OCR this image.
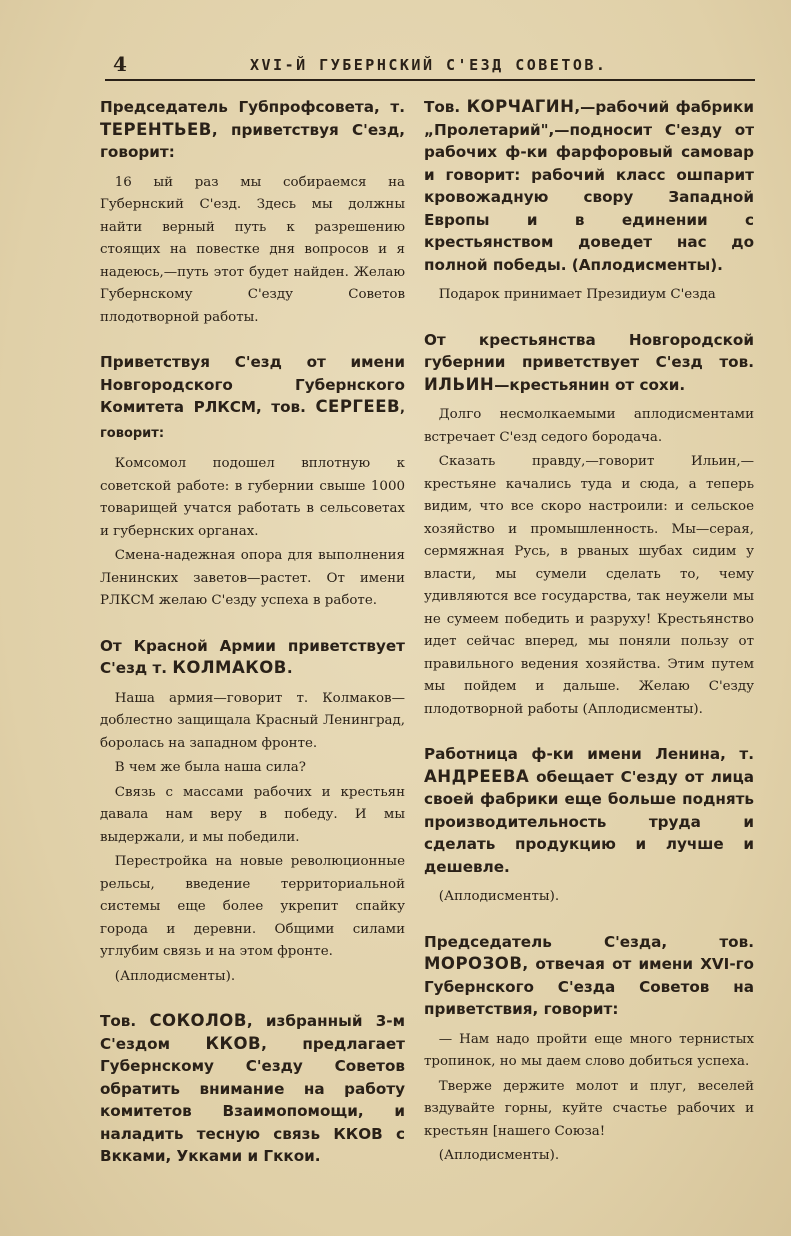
4	XVI-Й ГУБЕРНСКИЙ С'ЕЗД СОВЕТОВ.
Председатель Губпрофсовета, т. ТЕРЕНТЬЕВ, приветствуя С'езд, говорит:

16 ый раз мы собираемся на Губернский С'езд. Здесь мы должны найти верный путь к разрешению стоящих на повестке дня вопросов и я надеюсь,—путь этот будет найден. Желаю Губернскому С'езду Советов плодотворной работы.

Приветствуя С'езд от имени Новгородского Губернского Комитета РЛКСМ, тов. СЕРГЕЕВ, говорит:

Комсомол подошел вплотную к советской работе: в губернии свыше 1000 товарищей учатся работать в сельсоветах и губернских органах.

Смена-надежная опора для выполнения Ленинских заветов—растет. От имени РЛКСМ желаю С'езду успеха в работе.

От Красной Армии приветствует С'езд т. КОЛМАКОВ.

Наша армия—говорит т. Колмаков—доблестно защищала Красный Ленинград, боролась на западном фронте.

В чем же была наша сила?

Связь с массами рабочих и крестьян давала нам веру в победу. И мы выдержали, и мы победили.

Перестройка на новые революционные рельсы, введение территориальной системы еще более укрепит спайку города и деревни. Общими силами углубим связь и на этом фронте.

(Аплодисменты).

Тов. СОКОЛОВ, избранный 3-м С'ездом ККОВ, предлагает Губернскому С'езду Советов обратить внимание на работу комитетов Взаимопомощи, и наладить тесную связь ККОВ с Вкками, Укками и Гккои.
Тов. КОРЧАГИН,—рабочий фабрики „Пролетарий",—подносит С'езду от рабочих ф-ки фарфоровый самовар и говорит: рабочий класс ошпарит кровожадную свору Западной Европы и в единении с крестьянством доведет нас до полной победы. (Аплодисменты).

Подарок принимает Президиум С'езда

От крестьянства Новгородской губернии приветствует С'езд тов. ИЛЬИН—крестьянин от сохи.

Долго несмолкаемыми аплодисментами встречает С'езд седого бородача.

Сказать правду,—говорит Ильин,—крестьяне качались туда и сюда, а теперь видим, что все скоро настроили: и сельское хозяйство и промышленность. Мы—серая, сермяжная Русь, в рваных шубах сидим у власти, мы сумели сделать то, чему удивляются все государства, так неужели мы не сумеем победить и разруху! Крестьянство идет сейчас вперед, мы поняли пользу от правильного ведения хозяйства. Этим путем мы пойдем и дальше. Желаю С'езду плодотворной работы (Аплодисменты).

Работница ф-ки имени Ленина, т. АНДРЕЕВА обещает С'езду от лица своей фабрики еще больше поднять производительность труда и сделать продукцию и лучше и дешевле.

(Аплодисменты).

Председатель С'езда, тов. МОРОЗОВ, отвечая от имени XVI-го Губернского С'езда Советов на приветствия, говорит:

— Нам надо пройти еще много тернистых тропинок, но мы даем слово добиться успеха.

Тверже держите молот и плуг, веселей вздувайте горны, куйте счастье рабочих и крестьян [нашего Союза!

(Аплодисменты).
